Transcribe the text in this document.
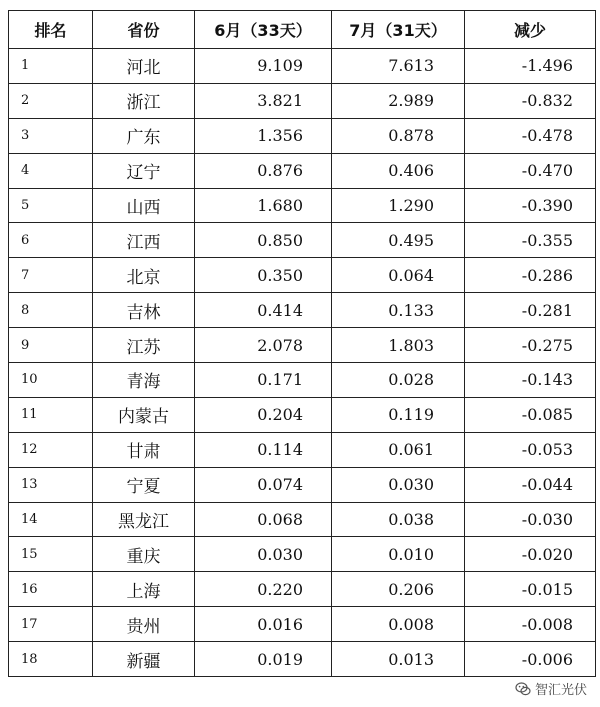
排名	省份	6月（33天）	7月（31天）	减少
1	河北	9.109	7.613	-1.496
2	浙江	3.821	2.989	-0.832
3	广东	1.356	0.878	-0.478
4	辽宁	0.876	0.406	-0.470
5	山西	1.680	1.290	-0.390
6	江西	0.850	0.495	-0.355
7	北京	0.350	0.064	-0.286
8	吉林	0.414	0.133	-0.281
9	江苏	2.078	1.803	-0.275
10	青海	0.171	0.028	-0.143
11	内蒙古	0.204	0.119	-0.085
12	甘肃	0.114	0.061	-0.053
13	宁夏	0.074	0.030	-0.044
14	黑龙江	0.068	0.038	-0.030
15	重庆	0.030	0.010	-0.020
16	上海	0.220	0.206	-0.015
17	贵州	0.016	0.008	-0.008
18	新疆	0.019	0.013	-0.006
智汇光伏
